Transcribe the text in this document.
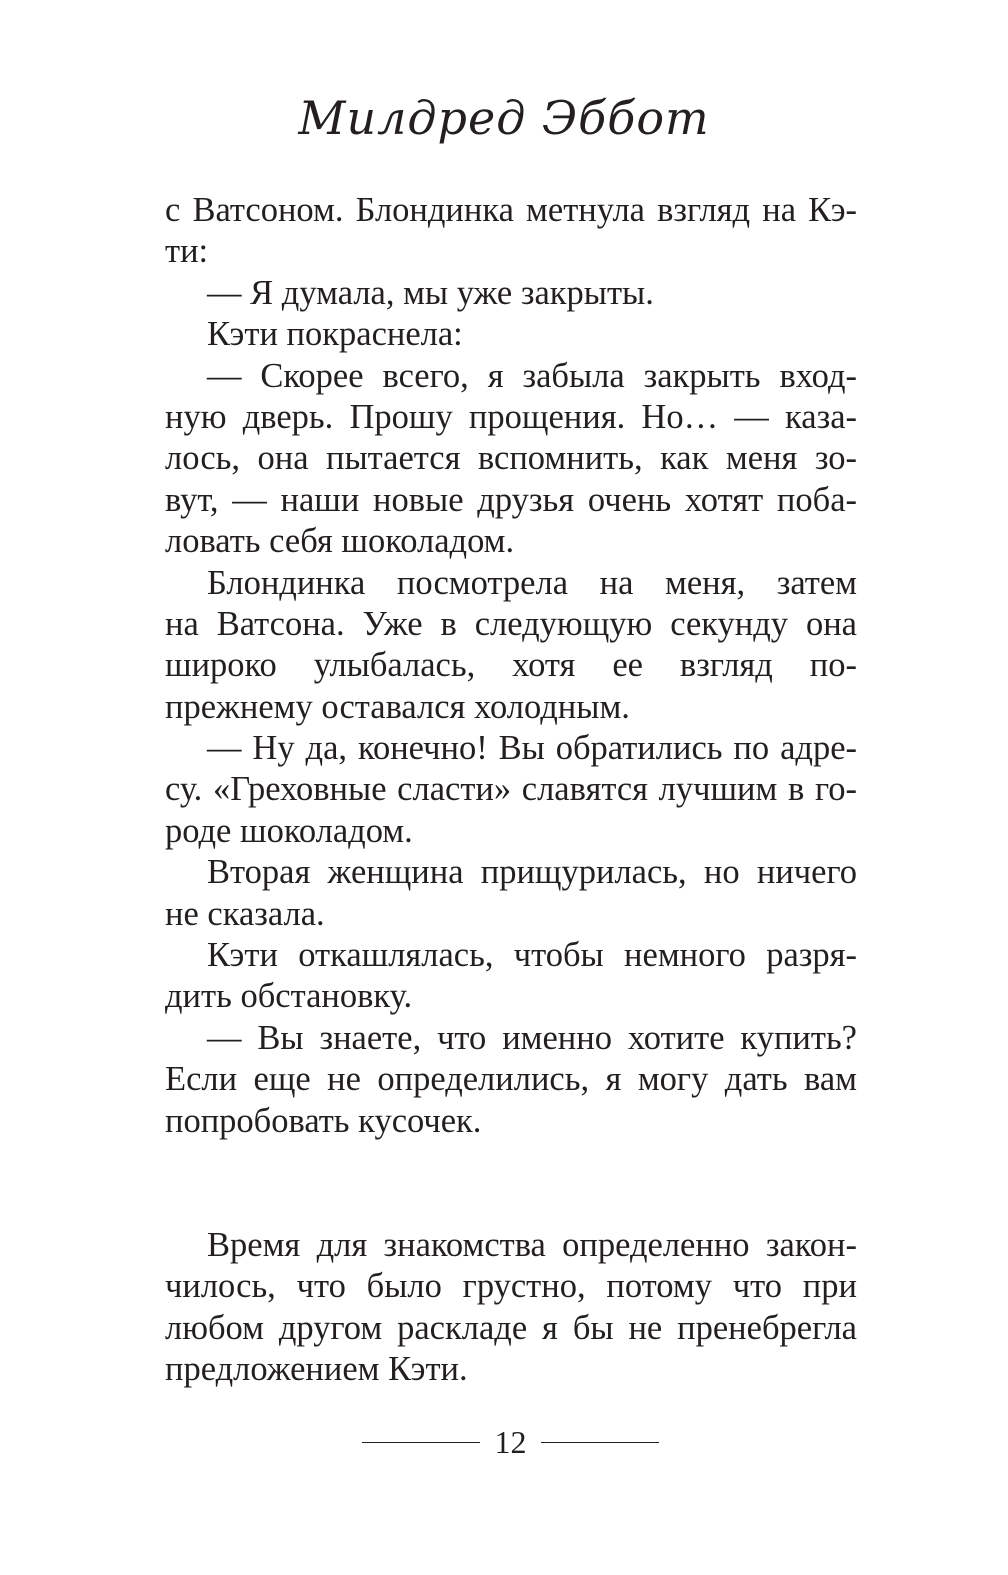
Милдред Эббот
с Ватсоном. Блондинка метнула взгляд на Кэ-
ти:
— Я думала, мы уже закрыты.
Кэти покраснела:
— Скорее всего, я забыла закрыть вход-
ную дверь. Прошу прощения. Но… — каза-
лось, она пытается вспомнить, как меня зо-
вут, — наши новые друзья очень хотят поба-
ловать себя шоколадом.
Блондинка посмотрела на меня, затем
на Ватсона. Уже в следующую секунду она
широко улыбалась, хотя ее взгляд по-
прежнему оставался холодным.
— Ну да, конечно! Вы обратились по адре-
су. «Греховные сласти» славятся лучшим в го-
роде шоколадом.
Вторая женщина прищурилась, но ничего
не сказала.
Кэти откашлялась, чтобы немного разря-
дить обстановку.
— Вы знаете, что именно хотите купить?
Если еще не определились, я могу дать вам
попробовать кусочек.
Время для знакомства определенно закон-
чилось, что было грустно, потому что при
любом другом раскладе я бы не пренебрегла
предложением Кэти.
12
